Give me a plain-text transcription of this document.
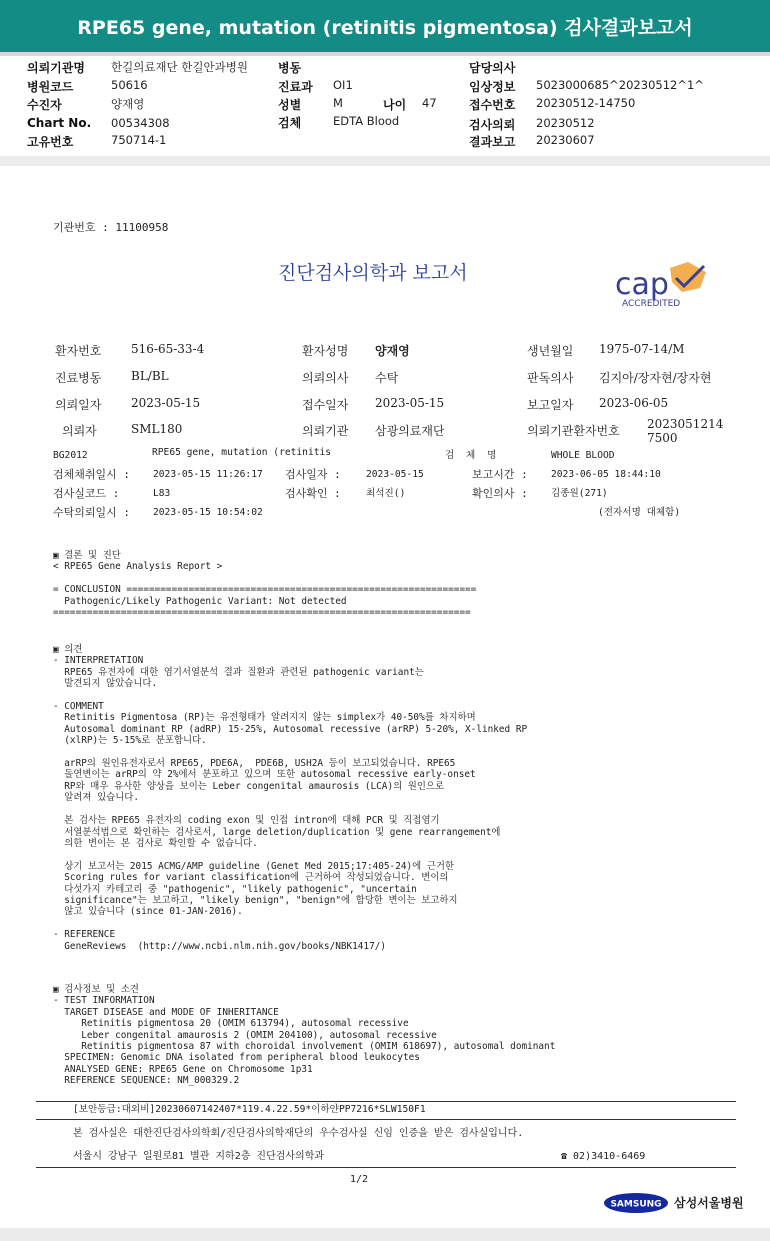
RPE65 gene, mutation (retinitis pigmentosa) 검사결과보고서
의뢰기관명 한길의료재단 한길안과병원	병동	담당의사
병원코드	50616	진료과 OI1	임상정보 5023000685^20230512^1^
수진자	양재영	성별	M	나이 47	접수번호 20230512-14750
Chart No. 00534308	검체	EDTA Blood	검사의뢰 20230512
고유번호	750714-1	결과보고 20230607
기관번호 : 11100958
진단검사의학과 보고서	cap
ACCREDITED
환자번호 516-65-33-4	환자성명 양재영	생년월일 1975-07-14/M
진료병동 BL/BL	의뢰의사 수탁	판독의사 김지아/장자현/장자현
의뢰일자 2023-05-15	접수일자 2023-05-15	보고일자 2023-06-05
의뢰자	SML180	의뢰기관 삼광의료재단	의뢰기관환자번호 20230512147500
BG2012	RPE65 gene, mutation (retinitis	검 체 명	WHOLE BLOOD
검체채취일시 : 2023-05-15 11:26:17 검사일자 :	2023-05-15	보고시간 : 2023-06-05 18:44:10
검사실코드 :	L83	검사확인 :	최석진()	확인의사 : 김종원(271)
수탁의뢰일시 : 2023-05-15 10:54:02	(전자서명 대체함)
▣ 결론 및 진단
< RPE65 Gene Analysis Report >

= CONCLUSION ==============================================================
Pathogenic/Likely Pathogenic Variant: Not detected
==========================================================================
▣ 의견
- INTERPRETATION
RPE65 유전자에 대한 염기서열분석 결과 질환과 관련된 pathogenic variant는
발견되지 않았습니다.

- COMMENT
Retinitis Pigmentosa (RP)는 유전형태가 알려지지 않는 simplex가 40-50%를 차지하며
Autosomal dominant RP (adRP) 15-25%, Autosomal recessive (arRP) 5-20%, X-linked RP
(xlRP)는 5-15%로 분포합니다.

arRP의 원인유전자로서 RPE65, PDE6A,  PDE6B, USH2A 등이 보고되었습니다. RPE65
돌연변이는 arRP의 약 2%에서 분포하고 있으며 또한 autosomal recessive early-onset
RP와 매우 유사한 양상을 보이는 Leber congenital amaurosis (LCA)의 원인으로
알려져 있습니다.

본 검사는 RPE65 유전자의 coding exon 및 인접 intron에 대해 PCR 및 직접염기
서열분석법으로 확인하는 검사로서, large deletion/duplication 및 gene rearrangement에
의한 변이는 본 검사로 확인할 수 없습니다.

상기 보고서는 2015 ACMG/AMP guideline (Genet Med 2015;17:405-24)에 근거한
Scoring rules for variant classification에 근거하여 작성되었습니다. 변이의
다섯가지 카테고리 중 "pathogenic", "likely pathogenic", "uncertain
significance"는 보고하고, "likely benign", "benign"에 합당한 변이는 보고하지
않고 있습니다 (since 01-JAN-2016).

- REFERENCE
GeneReviews  (http://www.ncbi.nlm.nih.gov/books/NBK1417/)
▣ 검사정보 및 소견
- TEST INFORMATION
TARGET DISEASE and MODE OF INHERITANCE
Retinitis pigmentosa 20 (OMIM 613794), autosomal recessive
Leber congenital amaurosis 2 (OMIM 204100), autosomal recessive
Retinitis pigmentosa 87 with choroidal involvement (OMIM 618697), autosomal dominant
SPECIMEN: Genomic DNA isolated from peripheral blood leukocytes
ANALYSED GENE: RPE65 Gene on Chromosome 1p31
REFERENCE SEQUENCE: NM_000329.2
[보안등급:대외비]20230607142407*119.4.22.59*이하얀PP7216*SLW150F1
본 검사실은 대한진단검사의학회/진단검사의학재단의 우수검사실 신임 인증을 받은 검사실입니다.
서울시 강남구 일원로81 별관 지하2층 진단검사의학과	☎ 02)3410-6469
1/2
SAMSUNG 삼성서울병원
